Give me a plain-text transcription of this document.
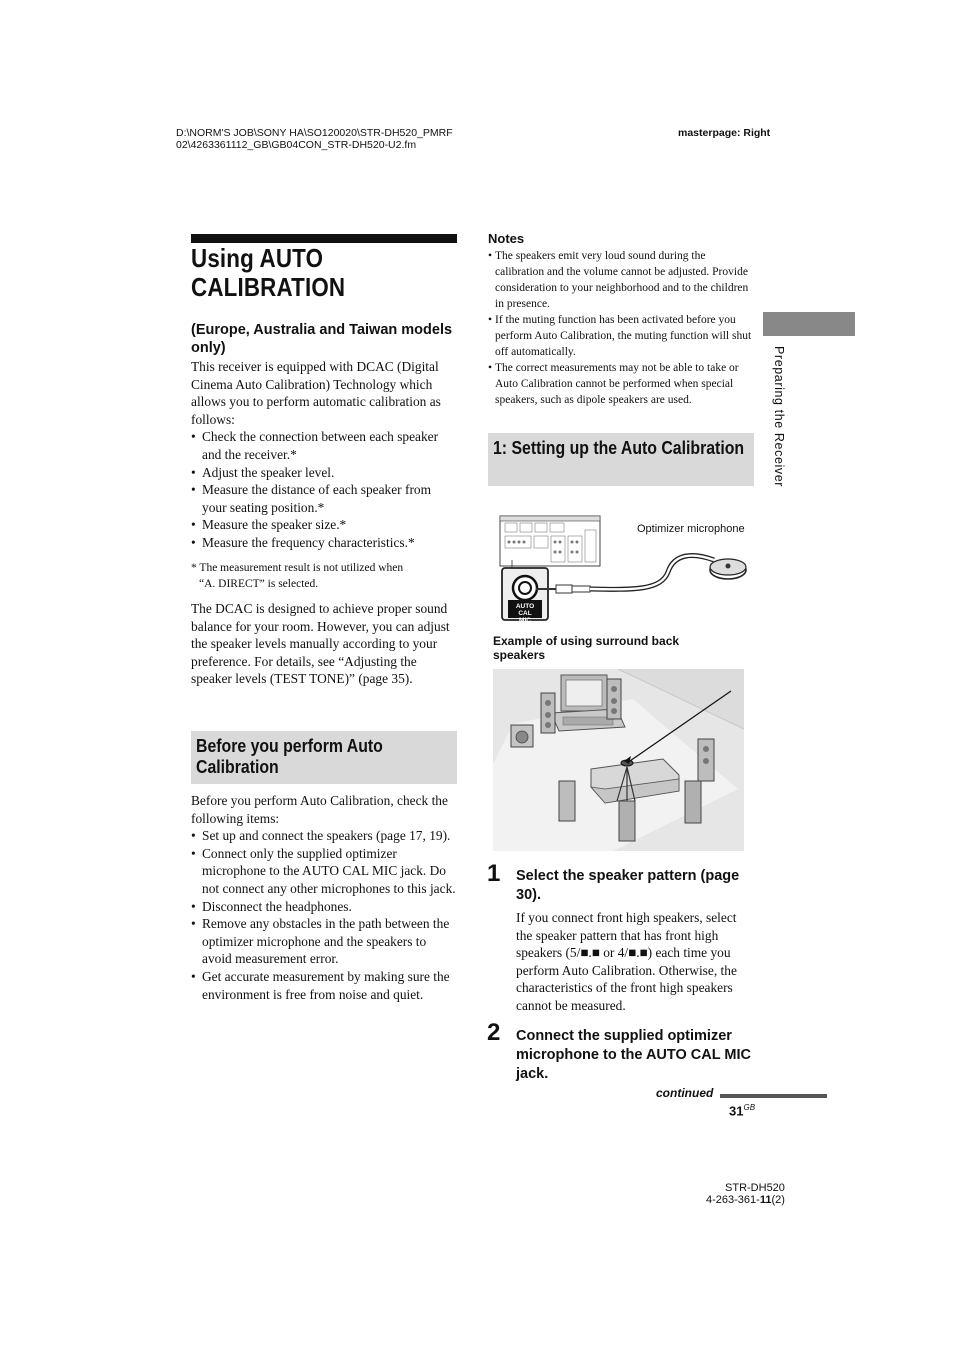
D:\NORM'S JOB\SONY HA\SO120020\STR-DH520_PMRF
02\4263361112_GB\GB04CON_STR-DH520-U2.fm
masterpage: Right
Using AUTO
CALIBRATION
(Europe, Australia and Taiwan models only)
This receiver is equipped with DCAC (Digital Cinema Auto Calibration) Technology which allows you to perform automatic calibration as follows:
• Check the connection between each speaker and the receiver.*
• Adjust the speaker level.
• Measure the distance of each speaker from your seating position.*
• Measure the speaker size.*
• Measure the frequency characteristics.*
* The measurement result is not utilized when
“A. DIRECT” is selected.
The DCAC is designed to achieve proper sound balance for your room. However, you can adjust the speaker levels manually according to your preference. For details, see “Adjusting the speaker levels (TEST TONE)” (page 35).
Before you perform Auto Calibration
Before you perform Auto Calibration, check the following items:
• Set up and connect the speakers (page 17, 19).
• Connect only the supplied optimizer microphone to the AUTO CAL MIC jack. Do not connect any other microphones to this jack.
• Disconnect the headphones.
• Remove any obstacles in the path between the optimizer microphone and the speakers to avoid measurement error.
• Get accurate measurement by making sure the environment is free from noise and quiet.
Notes
• The speakers emit very loud sound during the calibration and the volume cannot be adjusted. Provide consideration to your neighborhood and to the children in presence.
• If the muting function has been activated before you perform Auto Calibration, the muting function will shut off automatically.
• The correct measurements may not be able to take or Auto Calibration cannot be performed when special speakers, such as dipole speakers are used.	Preparing the Receiver
1: Setting up the Auto Calibration
AUTO CAL
MIC
Optimizer microphone
Example of using surround back speakers
1 Select the speaker pattern (page 30).
If you connect front high speakers, select the speaker pattern that has front high speakers (5/■.■ or 4/■.■) each time you perform Auto Calibration. Otherwise, the characteristics of the front high speakers cannot be measured.
2 Connect the supplied optimizer microphone to the AUTO CAL MIC jack.
continued
$31^{GB}$
STR-DH520
4-263-361-11(2)
